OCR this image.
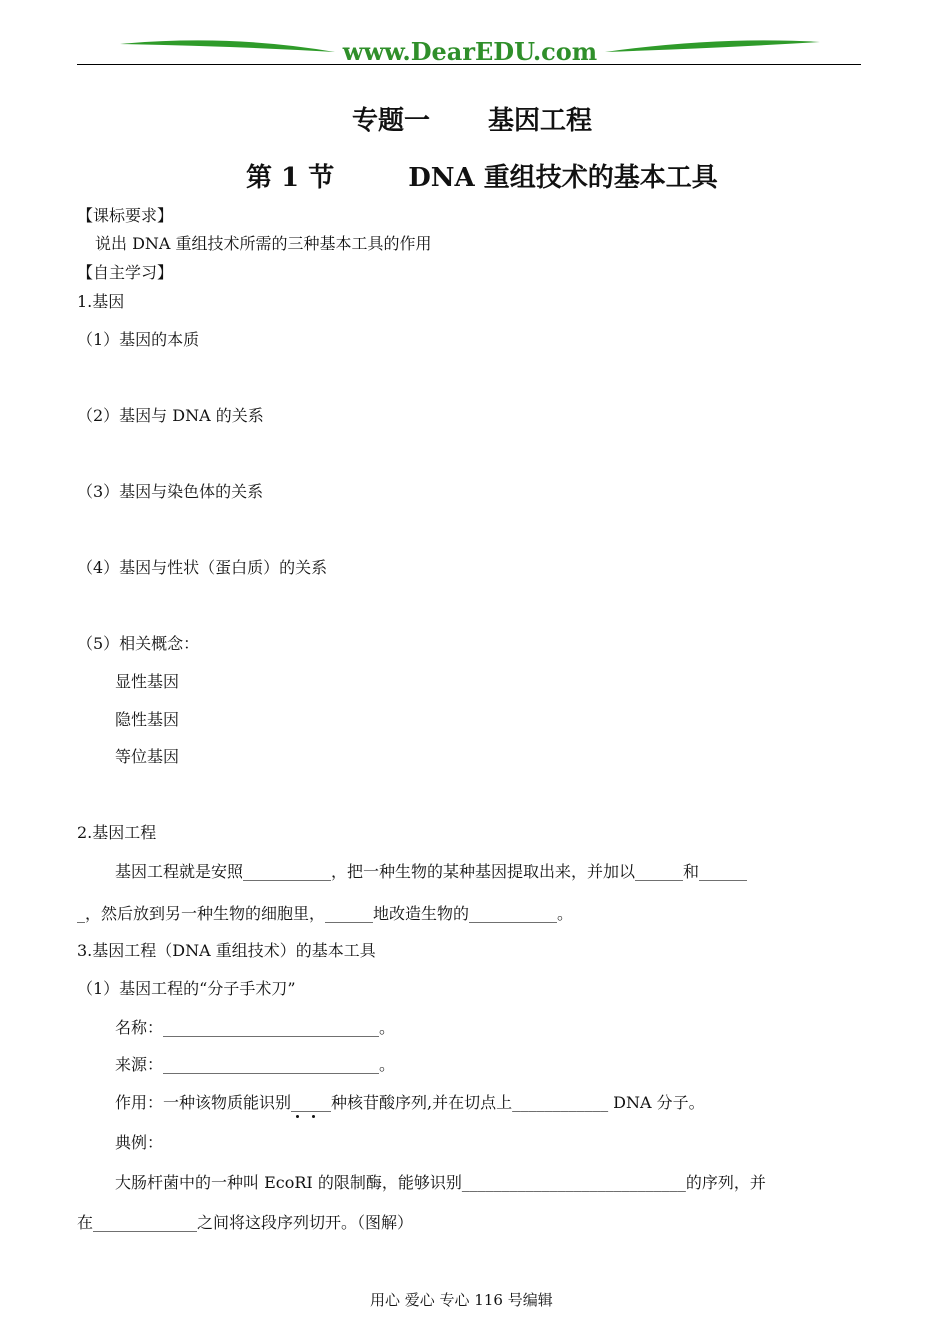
www.DearEDU.com
专题一 基因工程
第 1 节	DNA 重组技术的基本工具
【课标要求】
说出 DNA 重组技术所需的三种基本工具的作用
【自主学习】
1.基因
（1）基因的本质
（2）基因与 DNA 的关系
（3）基因与染色体的关系
（4）基因与性状（蛋白质）的关系
（5）相关概念：
显性基因
隐性基因
等位基因
2.基因工程
基因工程就是安照___________，把一种生物的某种基因提取出来，并加以______和______
_，然后放到另一种生物的细胞里，______地改造生物的___________。
3.基因工程（DNA 重组技术）的基本工具
（1）基因工程的“分子手术刀”
名称：___________________________。
来源：___________________________。
作用：一种该物质能识别_____种核苷酸序列,并在切点上____________ DNA 分子。
典例：
大肠杆菌中的一种叫 EcoRI 的限制酶，能够识别____________________________的序列，并
在_____________之间将这段序列切开。（图解）
用心 爱心 专心 116 号编辑
